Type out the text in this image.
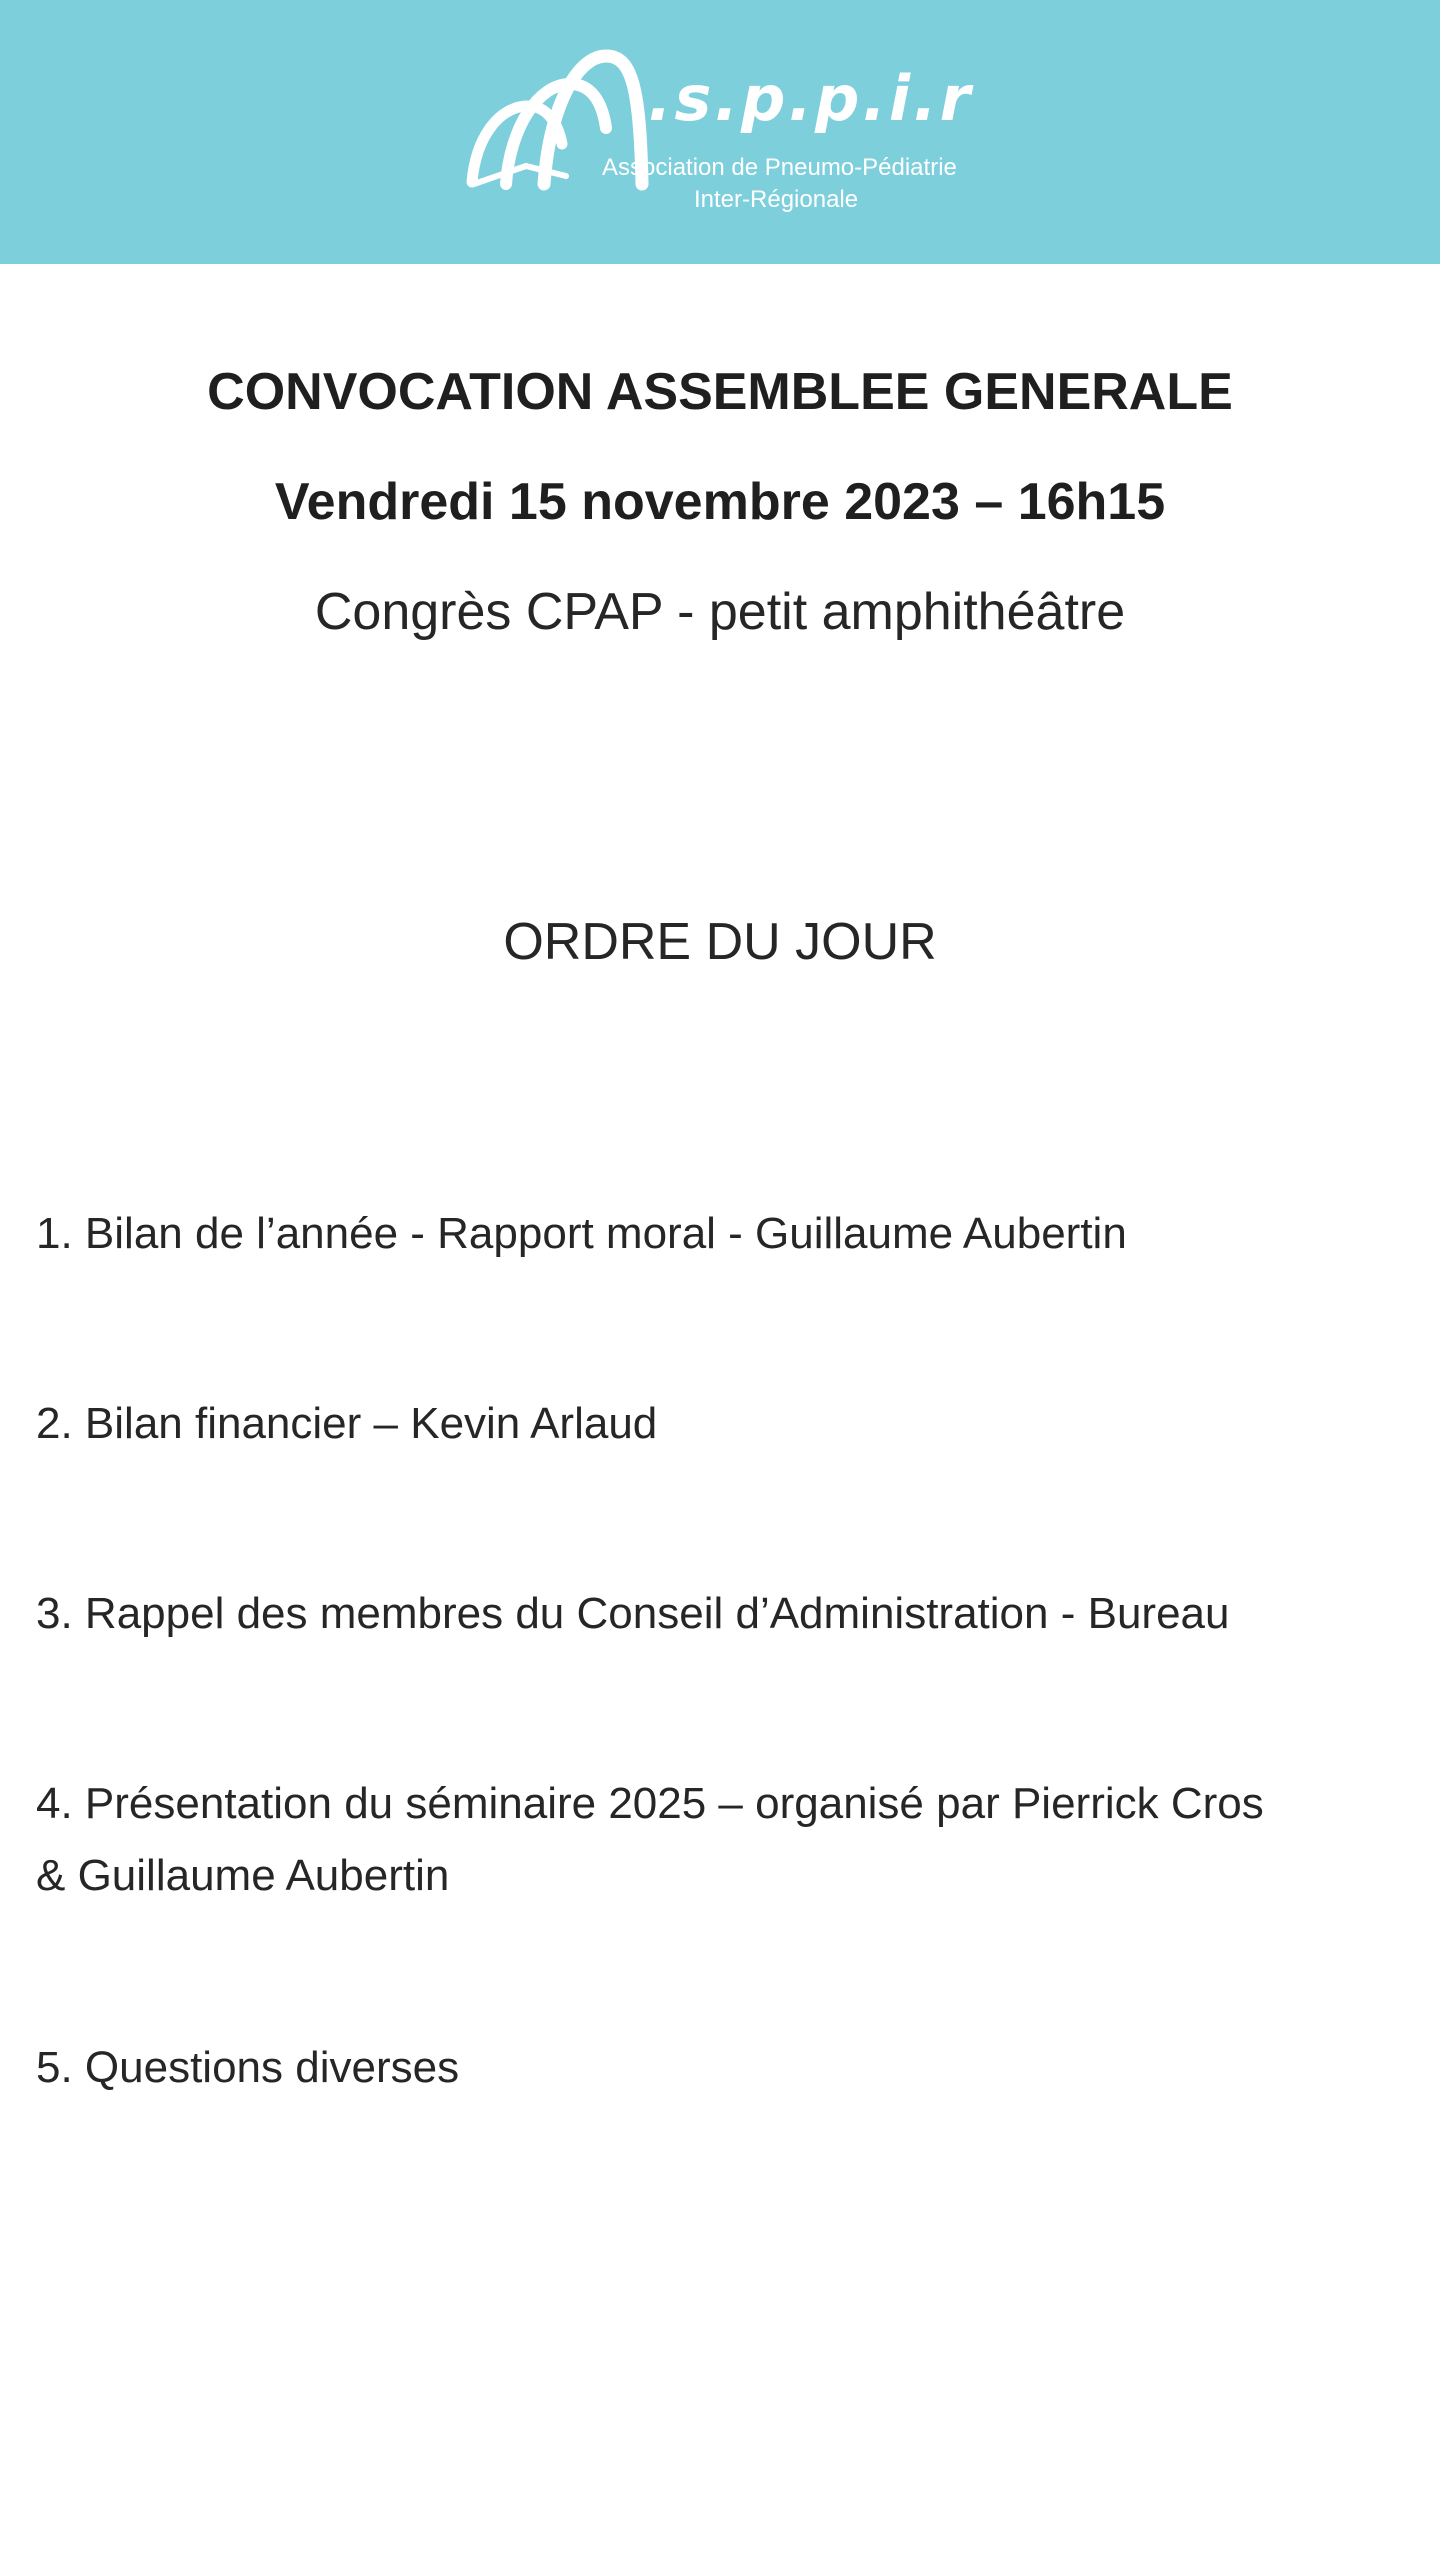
.s.p.p.i.r
Association de Pneumo-Pédiatrie
Inter-Régionale
CONVOCATION ASSEMBLEE GENERALE
Vendredi 15 novembre 2023 – 16h15
Congrès CPAP - petit amphithéâtre
ORDRE DU JOUR
1. Bilan de l’année - Rapport moral - Guillaume Aubertin
2. Bilan financier – Kevin Arlaud
3. Rappel des membres du Conseil d’Administration - Bureau
4. Présentation du séminaire 2025 – organisé par Pierrick Cros
& Guillaume Aubertin
5. Questions diverses
